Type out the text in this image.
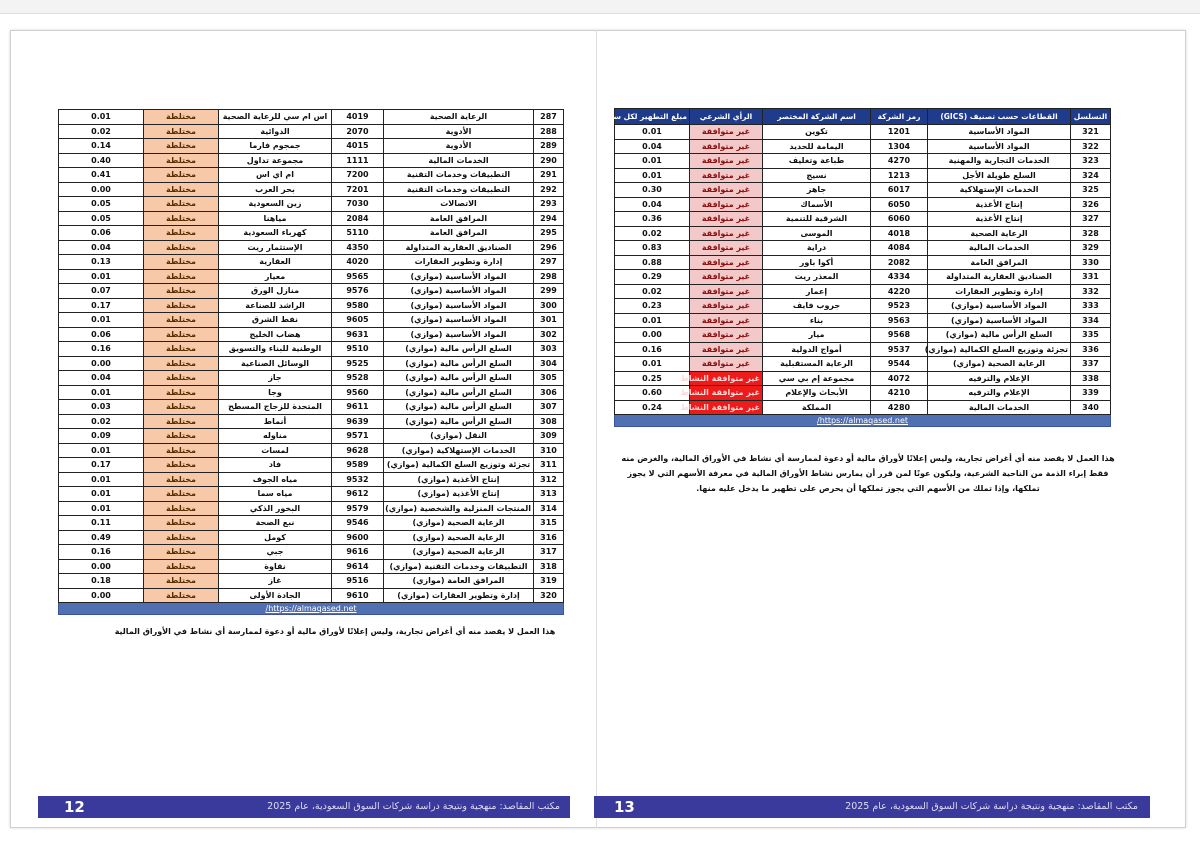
287	الرعاية الصحية	4019	اس ام سي للرعاية الصحية	مختلطة	0.01
288	الأدوية	2070	الدوائية	مختلطة	0.02
289	الأدوية	4015	جمجوم فارما	مختلطة	0.14
290	الخدمات المالية	1111	مجموعة تداول	مختلطة	0.40
291	التطبيقات وخدمات التقنية	7200	ام اي اس	مختلطة	0.41
292	التطبيقات وخدمات التقنية	7201	بحر العرب	مختلطة	0.00
293	الاتصالات	7030	زين السعودية	مختلطة	0.05
294	المرافق العامة	2084	مياهنا	مختلطة	0.05
295	المرافق العامة	5110	كهرباء السعودية	مختلطة	0.06
296	الصناديق العقارية المتداولة	4350	الإستثمار ريت	مختلطة	0.04
297	إدارة وتطوير العقارات	4020	العقارية	مختلطة	0.13
298	المواد الأساسية (موازي)	9565	معيار	مختلطة	0.01
299	المواد الأساسية (موازي)	9576	منازل الورق	مختلطة	0.07
300	المواد الأساسية (موازي)	9580	الراشد للصناعة	مختلطة	0.17
301	المواد الأساسية (موازي)	9605	نفط الشرق	مختلطة	0.01
302	المواد الأساسية (موازي)	9631	هضاب الخليج	مختلطة	0.06
303	السلع الرأس مالية (موازي)	9510	الوطنية للبناء والتسويق	مختلطة	0.16
304	السلع الرأس مالية (موازي)	9525	الوسائل الصناعية	مختلطة	0.00
305	السلع الرأس مالية (موازي)	9528	جاز	مختلطة	0.04
306	السلع الرأس مالية (موازي)	9560	وجا	مختلطة	0.01
307	السلع الرأس مالية (موازي)	9611	المتحدة للزجاج المسطح	مختلطة	0.03
308	السلع الرأس مالية (موازي)	9639	أنماط	مختلطة	0.02
309	النقل (موازي)	9571	مناوله	مختلطة	0.09
310	الخدمات الإستهلاكية (موازي)	9628	لمسات	مختلطة	0.01
311	تجزئة وتوزيع السلع الكمالية (موازي)	9589	فاد	مختلطة	0.17
312	إنتاج الأغذية (موازي)	9532	مياه الجوف	مختلطة	0.01
313	إنتاج الأغذية (موازي)	9612	مياه سما	مختلطة	0.01
314	المنتجات المنزلية والشخصية (موازي)	9579	البخور الذكي	مختلطة	0.01
315	الرعاية الصحية (موازي)	9546	نبع الصحة	مختلطة	0.11
316	الرعاية الصحية (موازي)	9600	كومل	مختلطة	0.49
317	الرعاية الصحية (موازي)	9616	جبي	مختلطة	0.16
318	التطبيقات وخدمات التقنية (موازي)	9614	نقاوة	مختلطة	0.00
319	المرافق العامة (موازي)	9516	غاز	مختلطة	0.18
320	إدارة وتطوير العقارات (موازي)	9610	الجادة الأولى	مختلطة	0.00
https://almaqased.net/					
هذا العمل لا يقصد منه أي أغراض تجارية، وليس إعلانًا لأوراق مالية أو دعوة لممارسة أي نشاط في الأوراق المالية
مكتب المقاصد: منهجية ونتيجة دراسة شركات السوق السعودية، عام 2025
12
التسلسل	القطاعات حسب تصنيف (GICS)	رمز الشركة	اسم الشركة المختصر	الرأي الشرعي	مبلغ التطهير لكل سهم
321	المواد الأساسية	1201	تكوين	غير متوافقة	0.01
322	المواد الأساسية	1304	اليمامة للحديد	غير متوافقة	0.04
323	الخدمات التجارية والمهنية	4270	طباعة وتغليف	غير متوافقة	0.01
324	السلع طويلة الأجل	1213	نسيج	غير متوافقة	0.01
325	الخدمات الإستهلاكية	6017	جاهز	غير متوافقة	0.30
326	إنتاج الأغذية	6050	الأسماك	غير متوافقة	0.04
327	إنتاج الأغذية	6060	الشرقية للتنمية	غير متوافقة	0.36
328	الرعاية الصحية	4018	الموسى	غير متوافقة	0.02
329	الخدمات المالية	4084	دراية	غير متوافقة	0.83
330	المرافق العامة	2082	أكوا باور	غير متوافقة	0.88
331	الصناديق العقارية المتداولة	4334	المعذر ريت	غير متوافقة	0.29
332	إدارة وتطوير العقارات	4220	إعمار	غير متوافقة	0.02
333	المواد الأساسية (موازي)	9523	جروب فايف	غير متوافقة	0.23
334	المواد الأساسية (موازي)	9563	بناء	غير متوافقة	0.01
335	السلع الرأس مالية (موازي)	9568	ميار	غير متوافقة	0.00
336	تجزئة وتوزيع السلع الكمالية (موازي)	9537	أمواج الدولية	غير متوافقة	0.16
337	الرعاية الصحية (موازي)	9544	الرعاية المستقبلية	غير متوافقة	0.01
338	الإعلام والترفيه	4072	مجموعة إم بي سي	غير متوافقة النشاط	0.25
339	الإعلام والترفيه	4210	الأبحاث والإعلام	غير متوافقة النشاط	0.60
340	الخدمات المالية	4280	المملكة	غير متوافقة النشاط	0.24
https://almaqased.net/					
هذا العمل لا يقصد منه أي أغراض تجارية، وليس إعلانًا لأوراق مالية أو دعوة لممارسة أي نشاط في الأوراق المالية، والغرض منه فقط إبراء الذمة من الناحية الشرعية، وليكون عونًا لمن قرر أن يمارس نشاط الأوراق المالية في معرفة الأسهم التي لا يجوز تملكها، وإذا تملك من الأسهم التي يجوز تملكها أن يحرص على تطهير ما يدخل عليه منها.
مكتب المقاصد: منهجية ونتيجة دراسة شركات السوق السعودية، عام 2025
13
